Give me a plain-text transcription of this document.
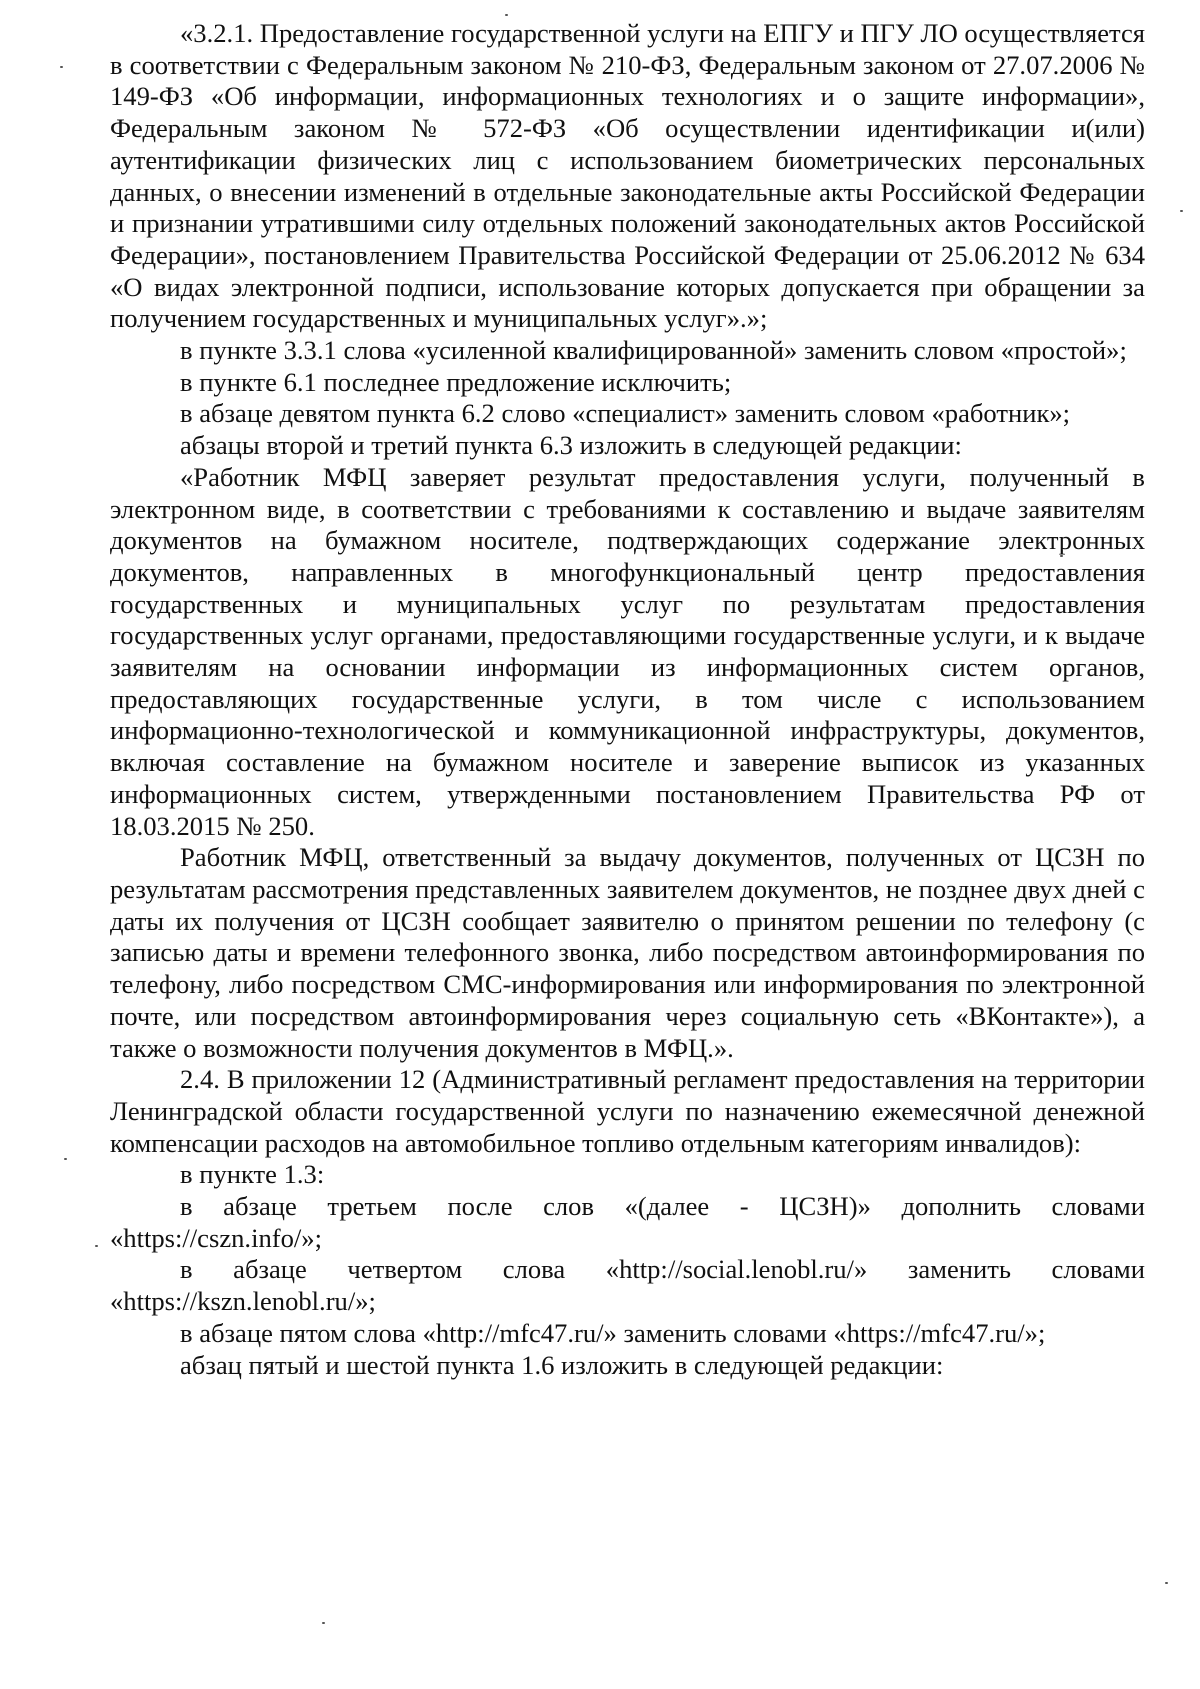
«3.2.1. Предоставление государственной услуги на ЕПГУ и ПГУ ЛО осуществляется в соответствии с Федеральным законом № 210-ФЗ, Федеральным законом от 27.07.2006 № 149-ФЗ «Об информации, информационных технологиях и о защите информации», Федеральным законом № 572-ФЗ «Об осуществлении идентификации и(или) аутентификации физических лиц с использованием биометрических персональных данных, о внесении изменений в отдельные законодательные акты Российской Федерации и признании утратившими силу отдельных положений законодательных актов Российской Федерации», постановлением Правительства Российской Федерации от 25.06.2012 № 634 «О видах электронной подписи, использование которых допускается при обращении за получением государственных и муниципальных услуг».»;

в пункте 3.3.1 слова «усиленной квалифицированной» заменить словом «простой»;

в пункте 6.1 последнее предложение исключить;

в абзаце девятом пункта 6.2 слово «специалист» заменить словом «работник»;

абзацы второй и третий пункта 6.3 изложить в следующей редакции:

«Работник МФЦ заверяет результат предоставления услуги, полученный в электронном виде, в соответствии с требованиями к составлению и выдаче заявителям документов на бумажном носителе, подтверждающих содержание электронных документов, направленных в многофункциональный центр предоставления государственных и муниципальных услуг по результатам предоставления государственных услуг органами, предоставляющими государственные услуги, и к выдаче заявителям на основании информации из информационных систем органов, предоставляющих государственные услуги, в том числе с использованием информационно-технологической и коммуникационной инфраструктуры, документов, включая составление на бумажном носителе и заверение выписок из указанных информационных систем, утвержденными постановлением Правительства РФ от 18.03.2015 № 250.

Работник МФЦ, ответственный за выдачу документов, полученных от ЦСЗН по результатам рассмотрения представленных заявителем документов, не позднее двух дней с даты их получения от ЦСЗН сообщает заявителю о принятом решении по телефону (с записью даты и времени телефонного звонка, либо посредством автоинформирования по телефону, либо посредством СМС-информирования или информирования по электронной почте, или посредством автоинформирования через социальную сеть «ВКонтакте»), а также о возможности получения документов в МФЦ.».

2.4. В приложении 12 (Административный регламент предоставления на территории Ленинградской области государственной услуги по назначению ежемесячной денежной компенсации расходов на автомобильное топливо отдельным категориям инвалидов):

в пункте 1.3:

в абзаце третьем после слов «(далее - ЦСЗН)» дополнить словами «https://cszn.info/»;

в абзаце четвертом слова «http://social.lenobl.ru/» заменить словами «https://kszn.lenobl.ru/»;

в абзаце пятом слова «http://mfc47.ru/» заменить словами «https://mfc47.ru/»;

абзац пятый и шестой пункта 1.6 изложить в следующей редакции:
